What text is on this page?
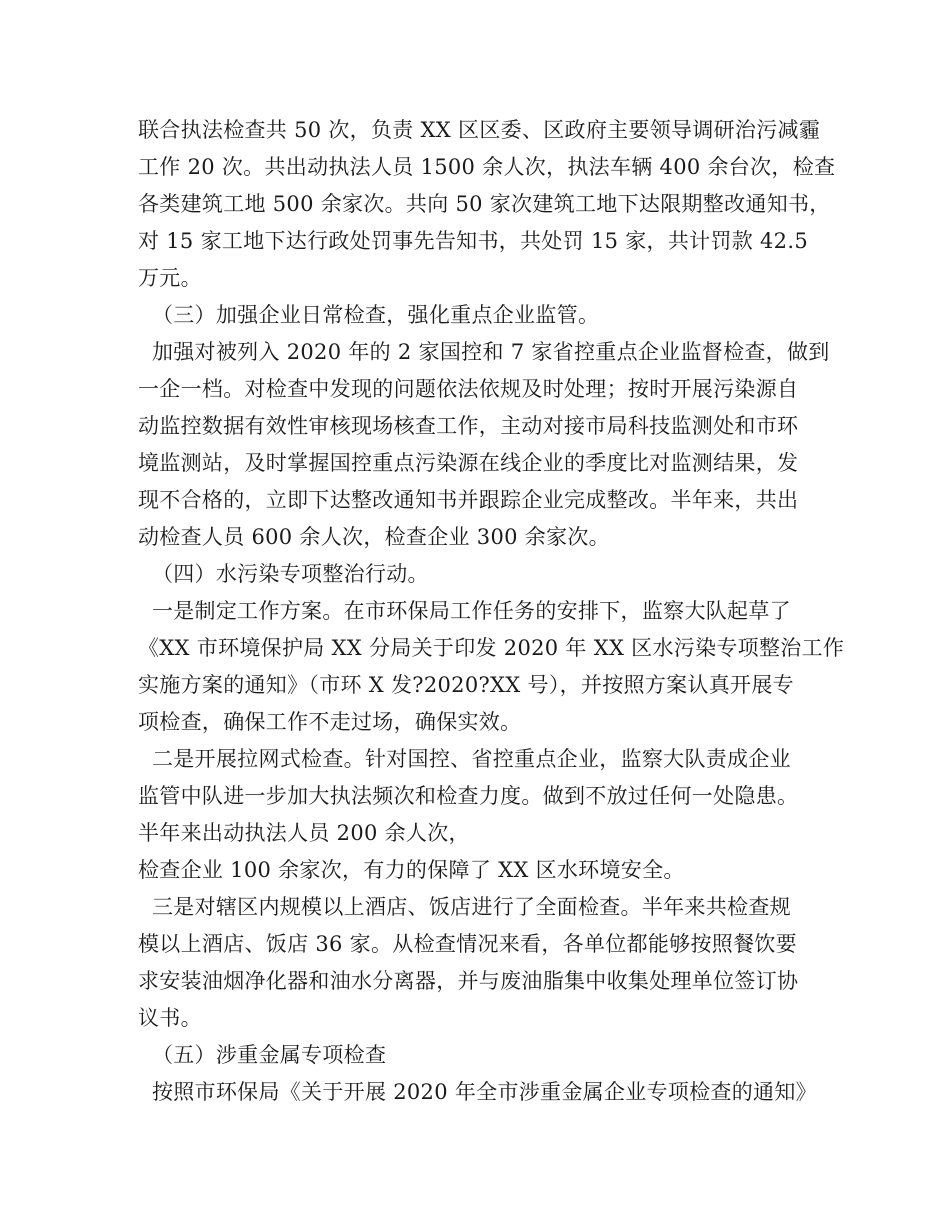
联合执法检查共 50 次，负责 XX 区区委、区政府主要领导调研治污减霾
工作 20 次。共出动执法人员 1500 余人次，执法车辆 400 余台次，检查
各类建筑工地 500 余家次。共向 50 家次建筑工地下达限期整改通知书，
对 15 家工地下达行政处罚事先告知书，共处罚 15 家，共计罚款 42.5
万元。
（三）加强企业日常检查，强化重点企业监管。
加强对被列入 2020 年的 2 家国控和 7 家省控重点企业监督检查，做到
一企一档。对检查中发现的问题依法依规及时处理；按时开展污染源自
动监控数据有效性审核现场核查工作，主动对接市局科技监测处和市环
境监测站，及时掌握国控重点污染源在线企业的季度比对监测结果，发
现不合格的，立即下达整改通知书并跟踪企业完成整改。半年来，共出
动检查人员 600 余人次，检查企业 300 余家次。
（四）水污染专项整治行动。
一是制定工作方案。在市环保局工作任务的安排下，监察大队起草了
《XX 市环境保护局 XX 分局关于印发 2020 年 XX 区水污染专项整治工作
实施方案的通知》（市环 X 发?2020?XX 号），并按照方案认真开展专
项检查，确保工作不走过场，确保实效。
二是开展拉网式检查。针对国控、省控重点企业，监察大队责成企业
监管中队进一步加大执法频次和检查力度。做到不放过任何一处隐患。
半年来出动执法人员 200 余人次，
检查企业 100 余家次，有力的保障了 XX 区水环境安全。
三是对辖区内规模以上酒店、饭店进行了全面检查。半年来共检查规
模以上酒店、饭店 36 家。从检查情况来看，各单位都能够按照餐饮要
求安装油烟净化器和油水分离器，并与废油脂集中收集处理单位签订协
议书。
（五）涉重金属专项检查
按照市环保局《关于开展 2020 年全市涉重金属企业专项检查的通知》
